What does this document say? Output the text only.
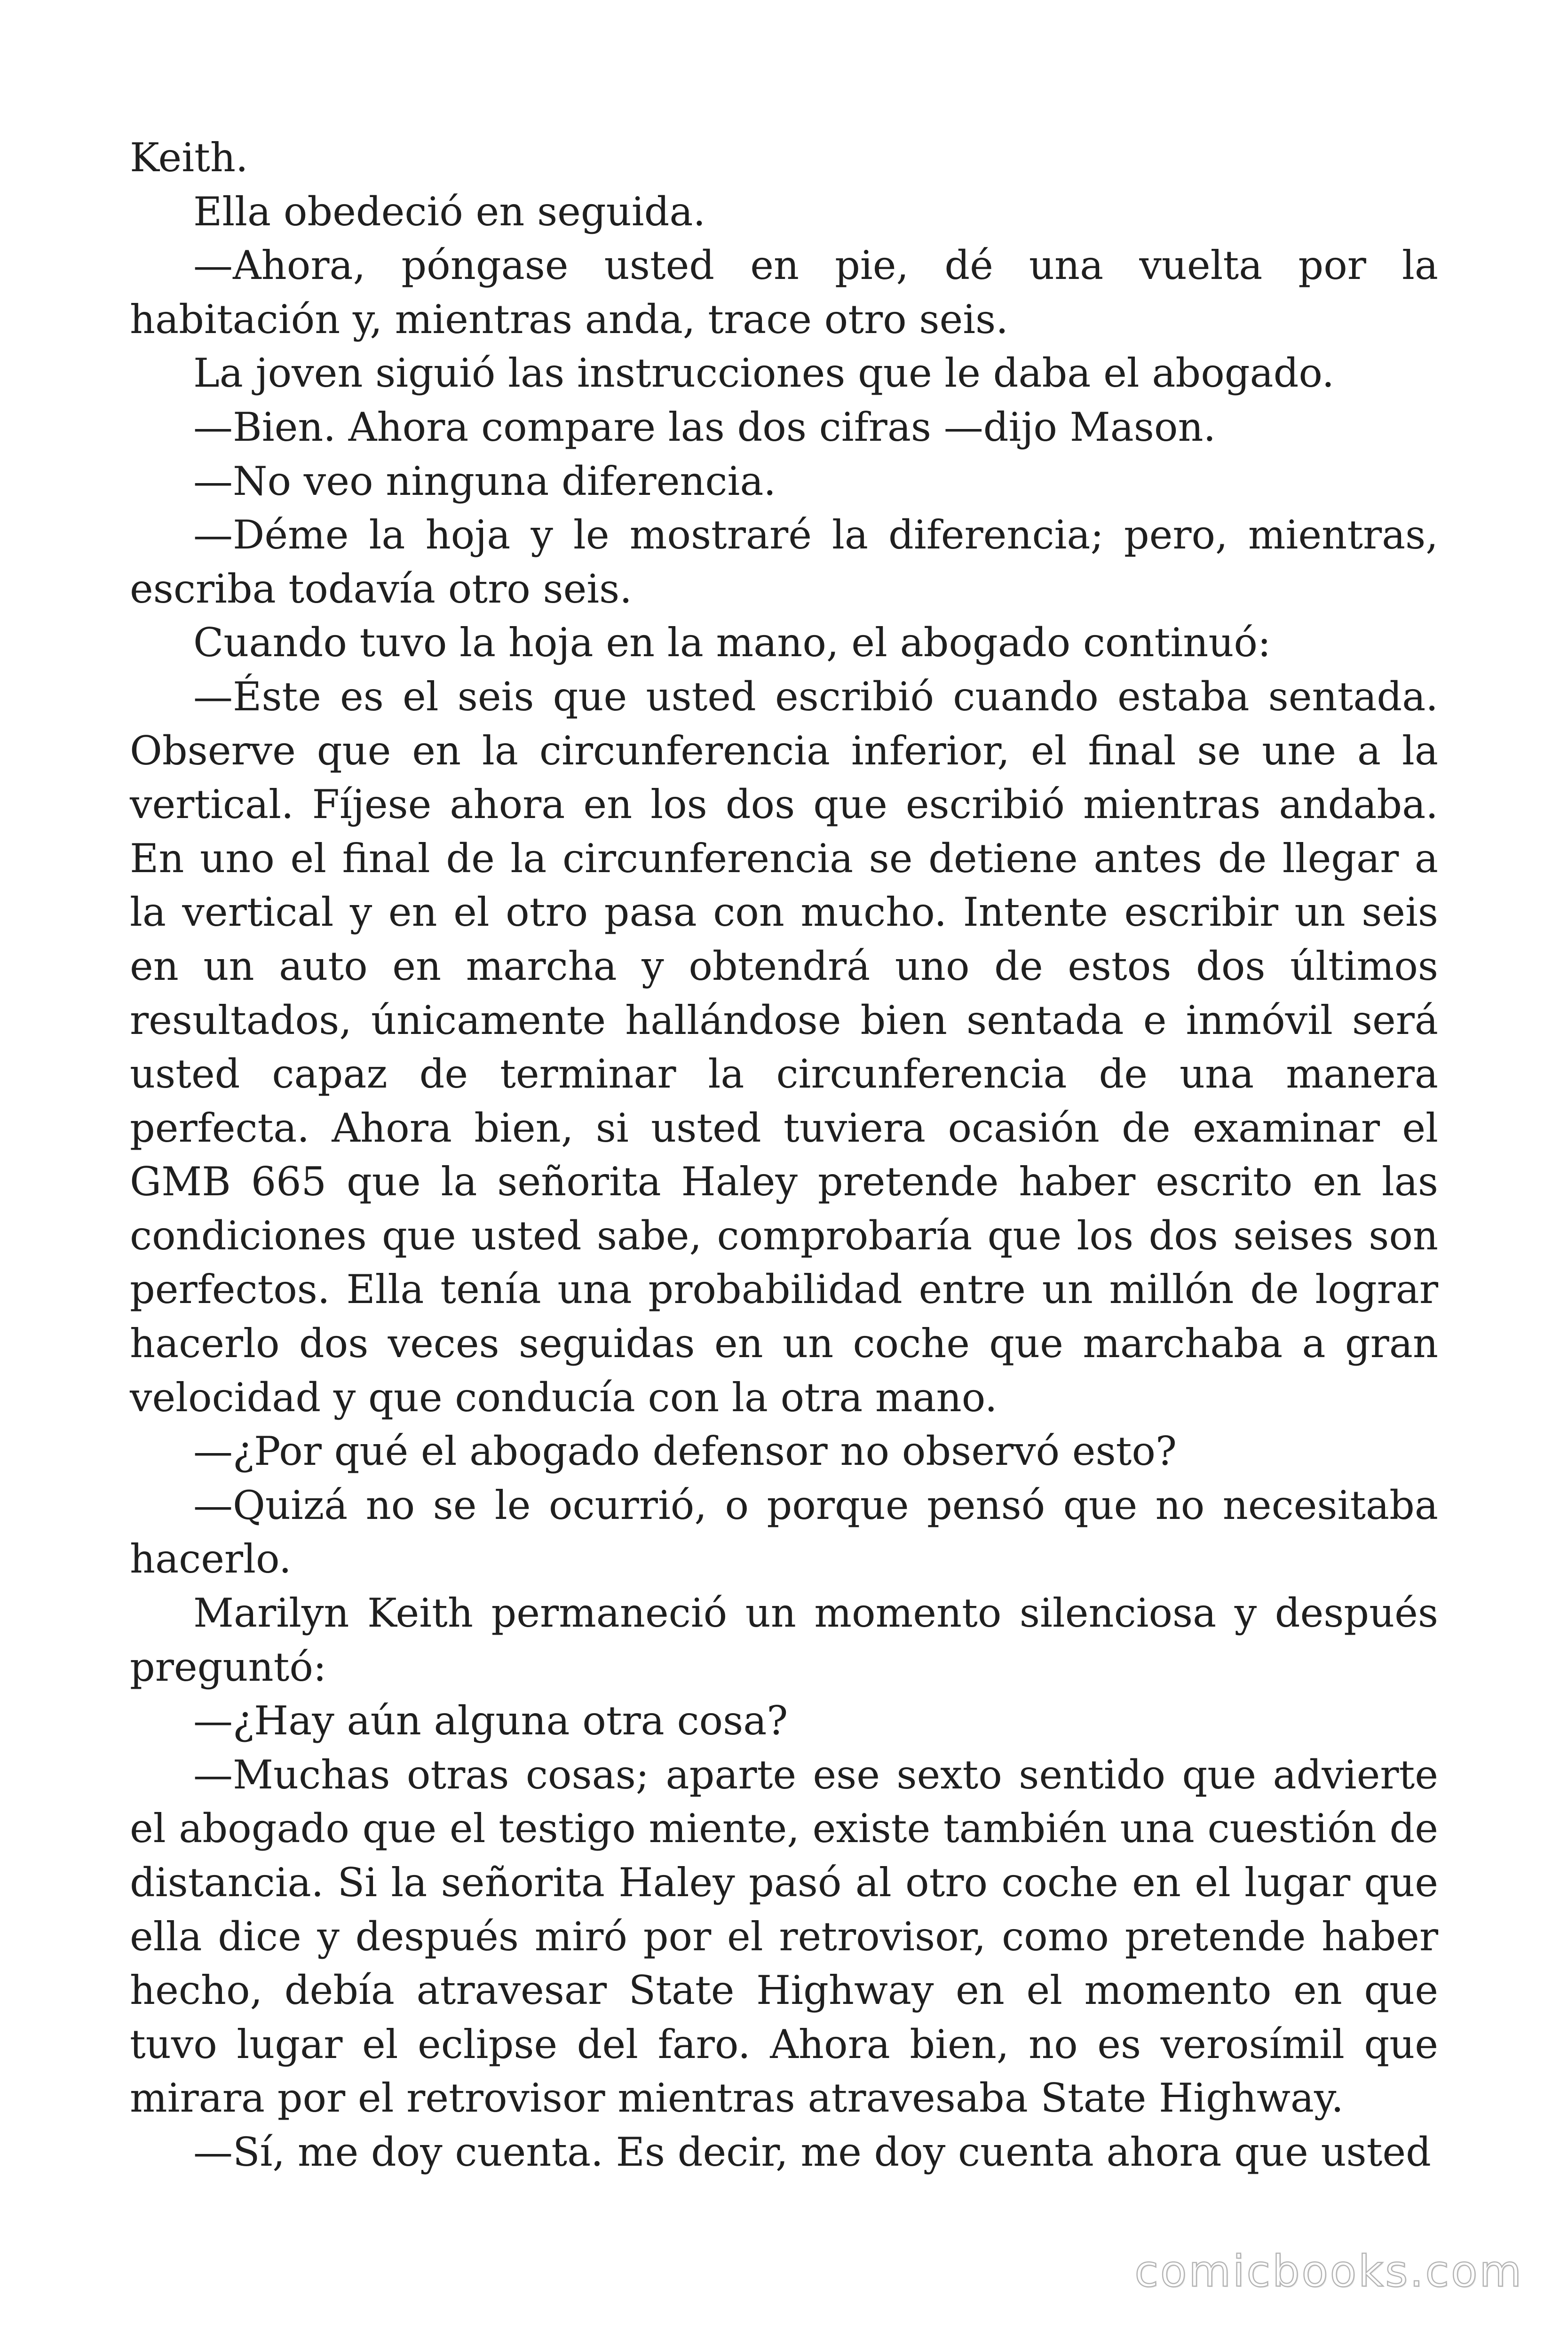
Keith.

Ella obedeció en seguida.

—Ahora, póngase usted en pie, dé una vuelta por la habitación y, mientras anda, trace otro seis.

La joven siguió las instrucciones que le daba el abogado.

—Bien. Ahora compare las dos cifras —dijo Mason.

—No veo ninguna diferencia.

—Déme la hoja y le mostraré la diferencia; pero, mientras, escriba todavía otro seis.

Cuando tuvo la hoja en la mano, el abogado continuó:

—Éste es el seis que usted escribió cuando estaba sentada. Observe que en la circunferencia inferior, el final se une a la vertical. Fíjese ahora en los dos que escribió mientras andaba. En uno el final de la circunferencia se detiene antes de llegar a la vertical y en el otro pasa con mucho. Intente escribir un seis en un auto en marcha y obtendrá uno de estos dos últimos resultados, únicamente hallándose bien sentada e inmóvil será usted capaz de terminar la circunferencia de una manera perfecta. Ahora bien, si usted tuviera ocasión de examinar el GMB 665 que la señorita Haley pretende haber escrito en las condiciones que usted sabe, comprobaría que los dos seises son perfectos. Ella tenía una probabilidad entre un millón de lograr hacerlo dos veces seguidas en un coche que marchaba a gran velocidad y que conducía con la otra mano.

—¿Por qué el abogado defensor no observó esto?

—Quizá no se le ocurrió, o porque pensó que no necesitaba hacerlo.

Marilyn Keith permaneció un momento silenciosa y después preguntó:

—¿Hay aún alguna otra cosa?

—Muchas otras cosas; aparte ese sexto sentido que advierte el abogado que el testigo miente, existe también una cuestión de distancia. Si la señorita Haley pasó al otro coche en el lugar que ella dice y después miró por el retrovisor, como pretende haber hecho, debía atravesar State Highway en el momento en que tuvo lugar el eclipse del faro. Ahora bien, no es verosímil que mirara por el retrovisor mientras atravesaba State Highway.

—Sí, me doy cuenta. Es decir, me doy cuenta ahora que usted

comicbooks.com
